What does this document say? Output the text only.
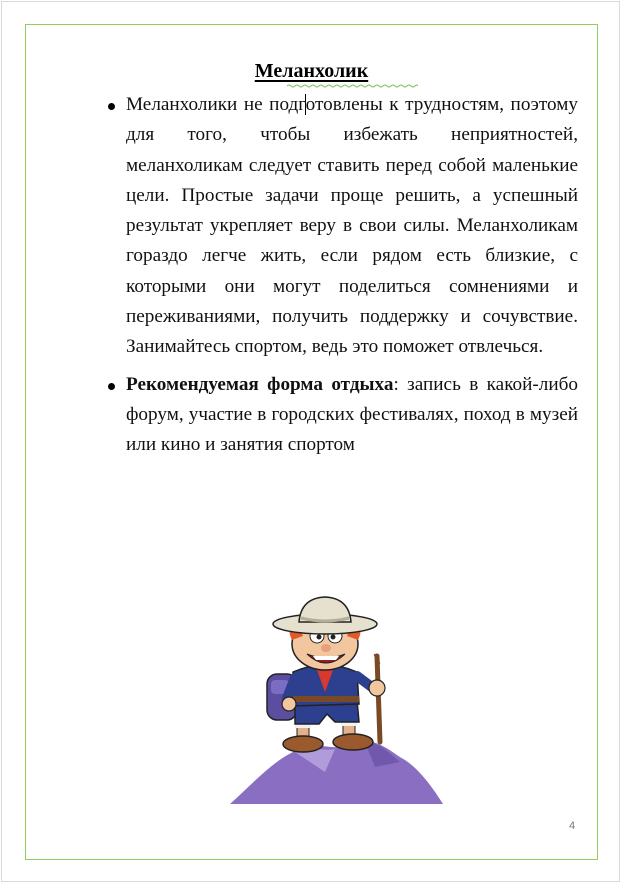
Меланхолик
Меланхолики не подготовлены к трудностям, поэтому для того, чтобы избежать неприятностей, меланхоликам следует ставить перед собой маленькие цели. Простые задачи проще решить, а успешный результат укрепляет веру в свои силы. Меланхоликам гораздо легче жить, если рядом есть близкие, с которыми они могут поделиться сомнениями и переживаниями, получить поддержку и сочувствие. Занимайтесь спортом, ведь это поможет отвлечься.
Рекомендуемая форма отдыха: запись в какой-либо форум, участие в городских фестивалях, поход в музей или кино и занятия спортом
4
